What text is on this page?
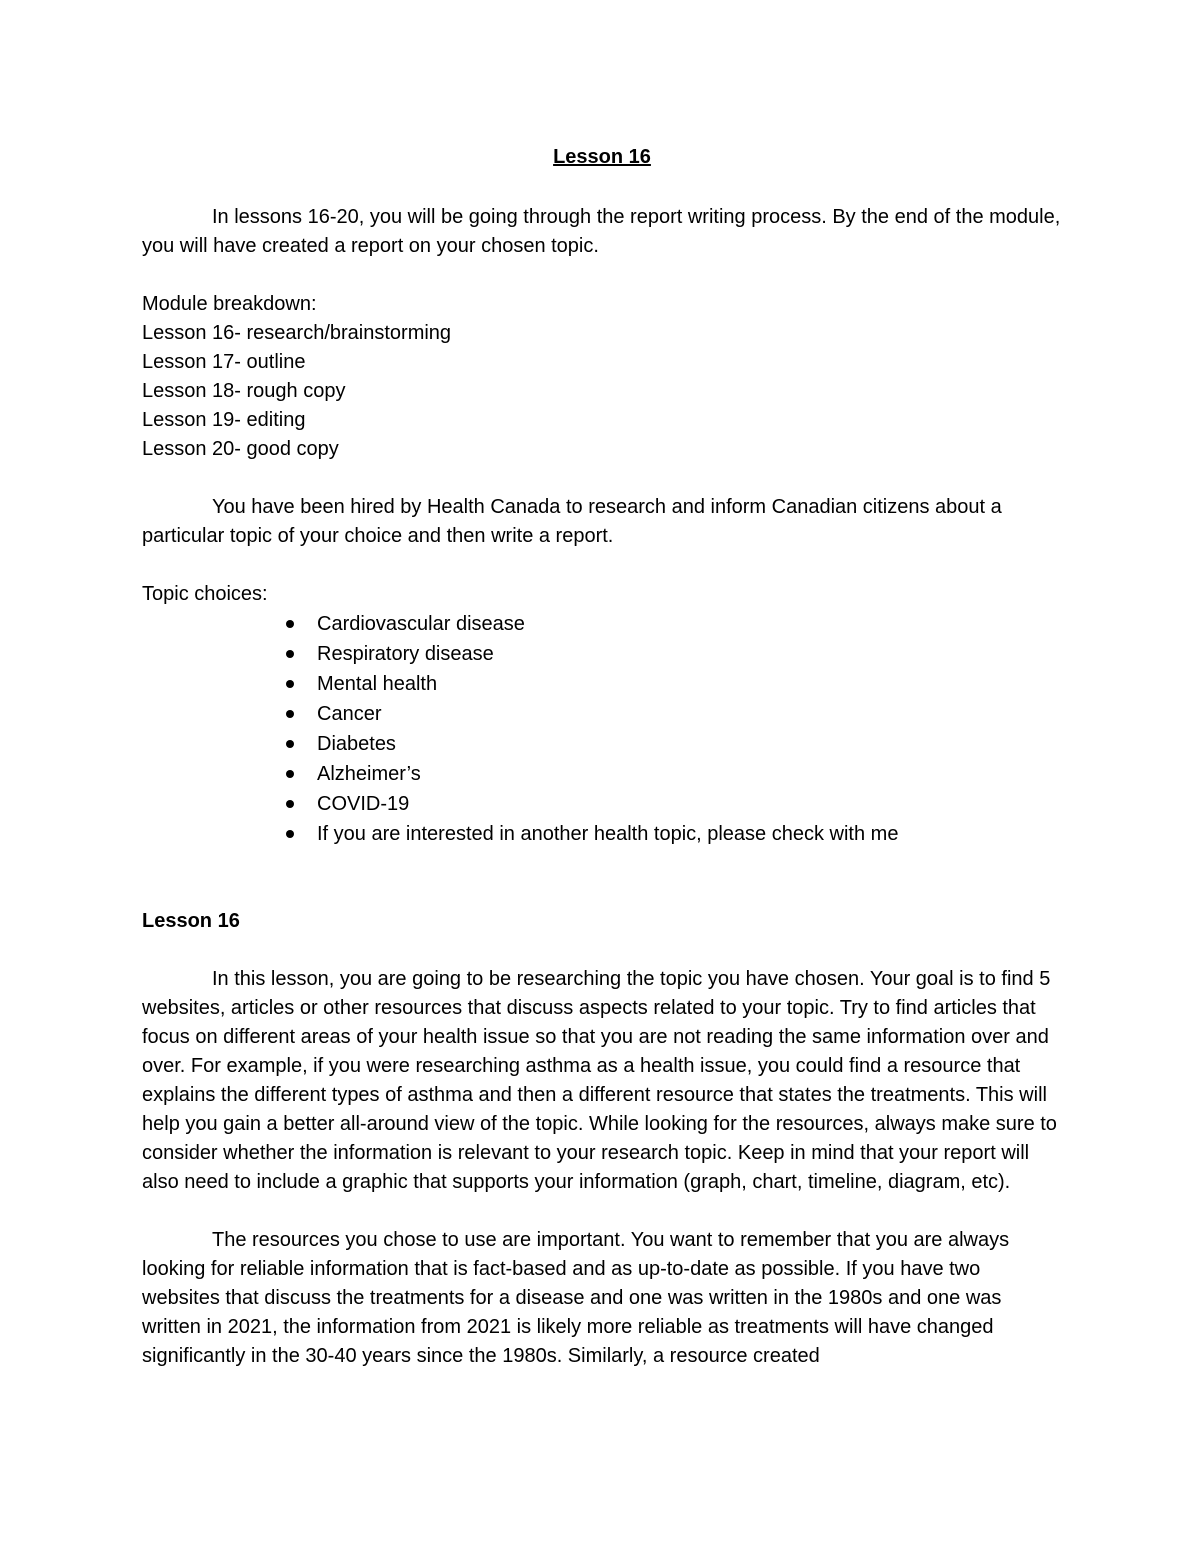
Lesson 16

In lessons 16-20, you will be going through the report writing process. By the end of the module, you will have created a report on your chosen topic.

Module breakdown:

Lesson 16- research/brainstorming
Lesson 17- outline
Lesson 18- rough copy
Lesson 19- editing
Lesson 20- good copy

You have been hired by Health Canada to research and inform Canadian citizens about a particular topic of your choice and then write a report.

Topic choices:

Cardiovascular disease
Respiratory disease
Mental health
Cancer
Diabetes
Alzheimer’s
COVID-19
If you are interested in another health topic, please check with me

Lesson 16

In this lesson, you are going to be researching the topic you have chosen. Your goal is to find 5 websites, articles or other resources that discuss aspects related to your topic. Try to find articles that focus on different areas of your health issue so that you are not reading the same information over and over. For example, if you were researching asthma as a health issue, you could find a resource that explains the different types of asthma and then a different resource that states the treatments. This will help you gain a better all-around view of the topic. While looking for the resources, always make sure to consider whether the information is relevant to your research topic. Keep in mind that your report will also need to include a graphic that supports your information (graph, chart, timeline, diagram, etc).

The resources you chose to use are important. You want to remember that you are always looking for reliable information that is fact-based and as up-to-date as possible. If you have two websites that discuss the treatments for a disease and one was written in the 1980s and one was written in 2021, the information from 2021 is likely more reliable as treatments will have changed significantly in the 30-40 years since the 1980s. Similarly, a resource created
